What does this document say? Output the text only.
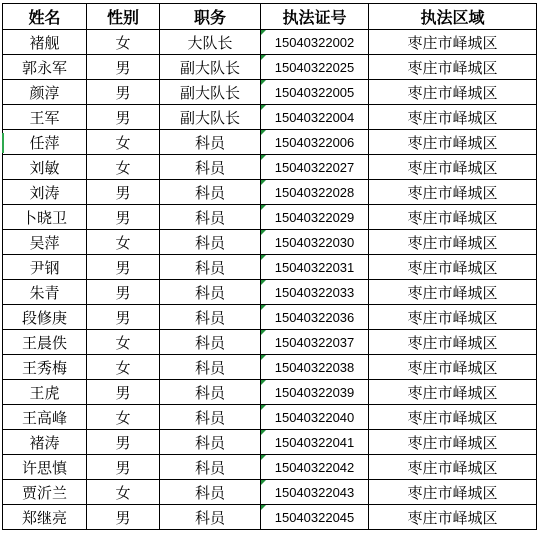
姓名	性别	职务	执法证号	执法区域
褚舰	女	大队长	15040322002	枣庄市峄城区
郭永军	男	副大队长	15040322025	枣庄市峄城区
颜淳	男	副大队长	15040322005	枣庄市峄城区
王军	男	副大队长	15040322004	枣庄市峄城区
任萍	女	科员	15040322006	枣庄市峄城区
刘敏	女	科员	15040322027	枣庄市峄城区
刘涛	男	科员	15040322028	枣庄市峄城区
卜晓卫	男	科员	15040322029	枣庄市峄城区
吴萍	女	科员	15040322030	枣庄市峄城区
尹钢	男	科员	15040322031	枣庄市峄城区
朱青	男	科员	15040322033	枣庄市峄城区
段修庚	男	科员	15040322036	枣庄市峄城区
王晨佚	女	科员	15040322037	枣庄市峄城区
王秀梅	女	科员	15040322038	枣庄市峄城区
王虎	男	科员	15040322039	枣庄市峄城区
王高峰	女	科员	15040322040	枣庄市峄城区
褚涛	男	科员	15040322041	枣庄市峄城区
许思慎	男	科员	15040322042	枣庄市峄城区
贾沂兰	女	科员	15040322043	枣庄市峄城区
郑继亮	男	科员	15040322045	枣庄市峄城区
